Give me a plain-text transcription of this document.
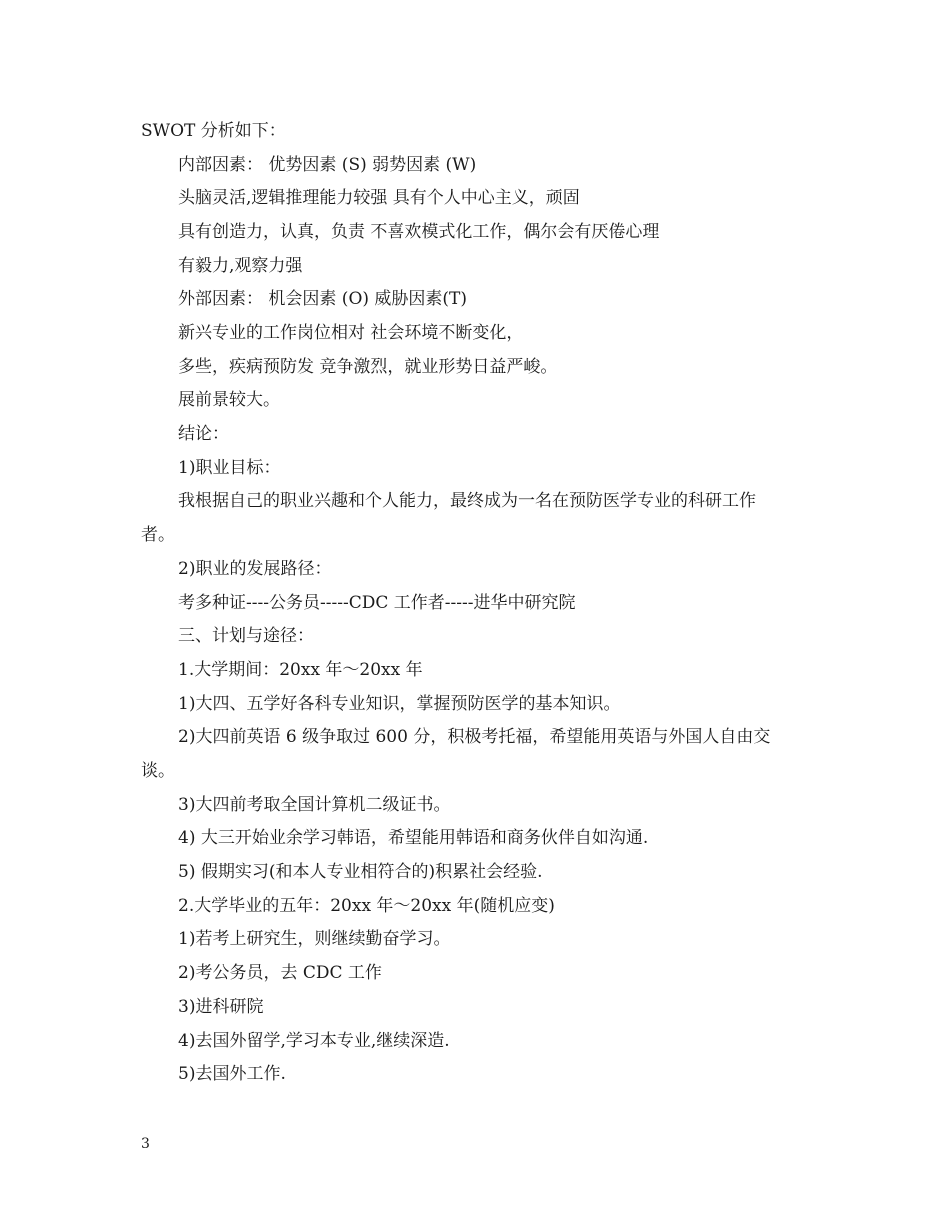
SWOT 分析如下：
内部因素： 优势因素 (S) 弱势因素 (W)
头脑灵活,逻辑推理能力较强 具有个人中心主义，顽固
具有创造力，认真，负责 不喜欢模式化工作，偶尔会有厌倦心理
有毅力,观察力强
外部因素： 机会因素 (O) 威胁因素(T)
新兴专业的工作岗位相对 社会环境不断变化，
多些，疾病预防发 竞争激烈，就业形势日益严峻。
展前景较大。
结论：
1)职业目标：
我根据自己的职业兴趣和个人能力，最终成为一名在预防医学专业的科研工作
者。
2)职业的发展路径：
考多种证----公务员-----CDC 工作者-----进华中研究院
三、计划与途径：
1.大学期间：20xx 年～20xx 年
1)大四、五学好各科专业知识，掌握预防医学的基本知识。
2)大四前英语 6 级争取过 600 分，积极考托福，希望能用英语与外国人自由交
谈。
3)大四前考取全国计算机二级证书。
4) 大三开始业余学习韩语，希望能用韩语和商务伙伴自如沟通.
5) 假期实习(和本人专业相符合的)积累社会经验.
2.大学毕业的五年：20xx 年～20xx 年(随机应变)
1)若考上研究生，则继续勤奋学习。
2)考公务员，去 CDC 工作
3)进科研院
4)去国外留学,学习本专业,继续深造.
5)去国外工作.
3
